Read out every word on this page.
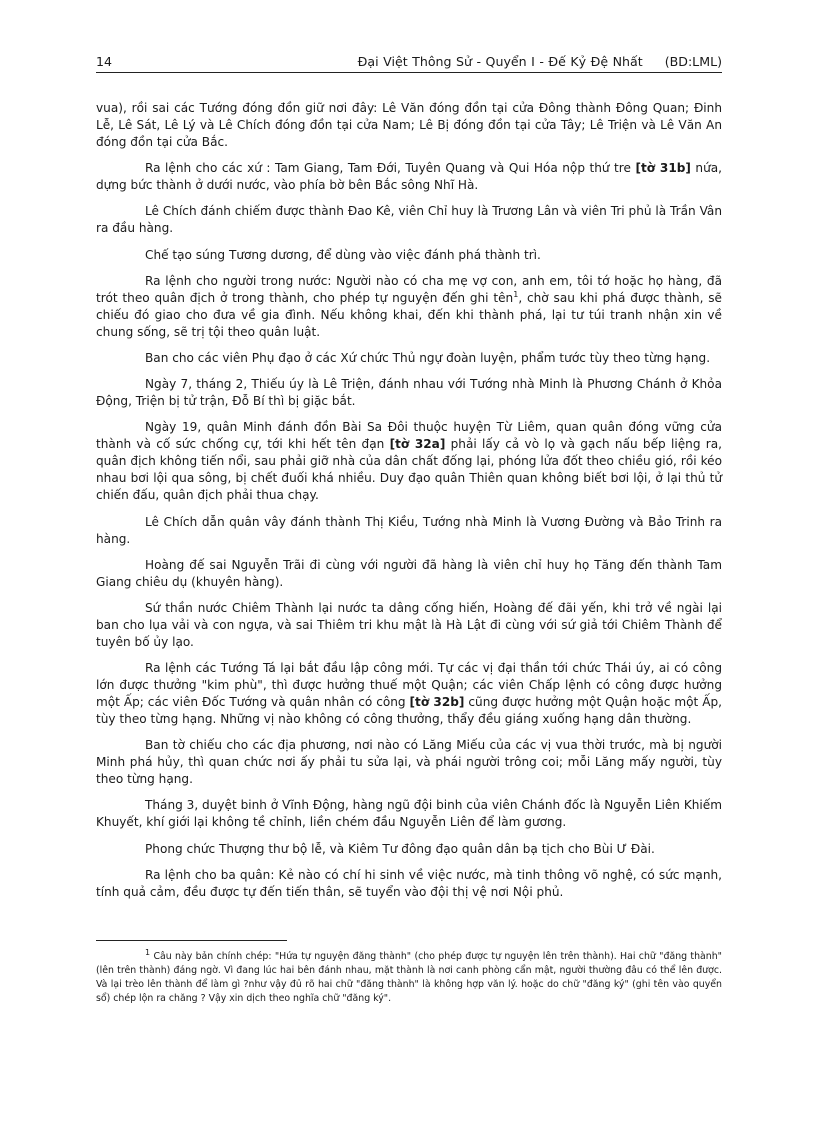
14	Đại Việt Thông Sử - Quyển I - Đế Kỷ Đệ Nhất (BD:LML)

vua), rồi sai các Tướng đóng đồn giữ nơi đây: Lê Văn đóng đồn tại cửa Đông thành Đông Quan; Đinh Lễ, Lê Sát, Lê Lý và Lê Chích đóng đồn tại cửa Nam; Lê Bị đóng đồn tại cửa Tây; Lê Triện và Lê Văn An đóng đồn tại cửa Bắc.

Ra lệnh cho các xứ : Tam Giang, Tam Đới, Tuyên Quang và Qui Hóa nộp thứ tre [tờ 31b] nứa, dựng bức thành ở dưới nước, vào phía bờ bên Bắc sông Nhĩ Hà.

Lê Chích đánh chiếm được thành Đao Kê, viên Chỉ huy là Trương Lân và viên Tri phủ là Trần Vân ra đầu hàng.

Chế tạo súng Tương dương, để dùng vào việc đánh phá thành trì.

Ra lệnh cho người trong nước: Người nào có cha mẹ vợ con, anh em, tôi tớ hoặc họ hàng, đã trót theo quân địch ở trong thành, cho phép tự nguyện đến ghi tên$^1$, chờ sau khi phá được thành, sẽ chiếu đó giao cho đưa về gia đình. Nếu không khai, đến khi thành phá, lại tư túi tranh nhận xin về chung sống, sẽ trị tội theo quân luật.

Ban cho các viên Phụ đạo ở các Xứ chức Thủ ngự đoàn luyện, phẩm tước tùy theo từng hạng.

Ngày 7, tháng 2, Thiếu úy là Lê Triện, đánh nhau với Tướng nhà Minh là Phương Chánh ở Khỏa Động, Triện bị tử trận, Đỗ Bí thì bị giặc bắt.

Ngày 19, quân Minh đánh đồn Bài Sa Đôi thuộc huyện Từ Liêm, quan quân đóng vững cửa thành và cố sức chống cự, tới khi hết tên đạn [tờ 32a] phải lấy cả vò lọ và gạch nấu bếp liệng ra, quân địch không tiến nổi, sau phải giỡ nhà của dân chất đống lại, phóng lửa đốt theo chiều gió, rồi kéo nhau bơi lội qua sông, bị chết đuối khá nhiều. Duy đạo quân Thiên quan không biết bơi lội, ở lại thủ tử chiến đấu, quân địch phải thua chạy.

Lê Chích dẫn quân vây đánh thành Thị Kiều, Tướng nhà Minh là Vương Đường và Bảo Trinh ra hàng.

Hoàng đế sai Nguyễn Trãi đi cùng với người đã hàng là viên chỉ huy họ Tăng đến thành Tam Giang chiêu dụ (khuyên hàng).

Sứ thần nước Chiêm Thành lại nước ta dâng cống hiến, Hoàng đế đãi yến, khi trở về ngài lại ban cho lụa vải và con ngựa, và sai Thiêm tri khu mật là Hà Lật đi cùng với sứ giả tới Chiêm Thành để tuyên bố ủy lạo.

Ra lệnh các Tướng Tá lại bắt đầu lập công mới. Tự các vị đại thần tới chức Thái úy, ai có công lớn được thưởng "kim phù", thì được hưởng thuế một Quận; các viên Chấp lệnh có công được hưởng một Ấp; các viên Đốc Tướng và quân nhân có công [tờ 32b] cũng được hưởng một Quận hoặc một Ấp, tùy theo từng hạng. Những vị nào không có công thưởng, thẩy đều giáng xuống hạng dân thường.

Ban tờ chiếu cho các địa phương, nơi nào có Lăng Miếu của các vị vua thời trước, mà bị người Minh phá hủy, thì quan chức nơi ấy phải tu sửa lại, và phái người trông coi; mỗi Lăng mấy người, tùy theo từng hạng.

Tháng 3, duyệt binh ở Vĩnh Động, hàng ngũ đội binh của viên Chánh đốc là Nguyễn Liên Khiếm Khuyết, khí giới lại không tề chỉnh, liền chém đầu Nguyễn Liên để làm gương.

Phong chức Thượng thư bộ lễ, và Kiêm Tư đông đạo quân dân bạ tịch cho Bùi Ư Đài.

Ra lệnh cho ba quân: Kẻ nào có chí hi sinh về việc nước, mà tinh thông võ nghệ, có sức mạnh, tính quả cảm, đều được tự đến tiến thân, sẽ tuyển vào đội thị vệ nơi Nội phủ.

$^1$ Câu này bản chính chép: "Hứa tự nguyện đăng thành" (cho phép được tự nguyện lên trên thành). Hai chữ "đăng thành" (lên trên thành) đáng ngờ. Vì đang lúc hai bên đánh nhau, mặt thành là nơi canh phòng cẩn mật, người thường đâu có thể lên được. Và lại trèo lên thành để làm gì ?như vậy đủ rõ hai chữ "đăng thành" là không hợp văn lý. hoặc do chữ "đăng ký" (ghi tên vào quyển sổ) chép lộn ra chăng ? Vậy xin dịch theo nghĩa chữ "đăng ký".
